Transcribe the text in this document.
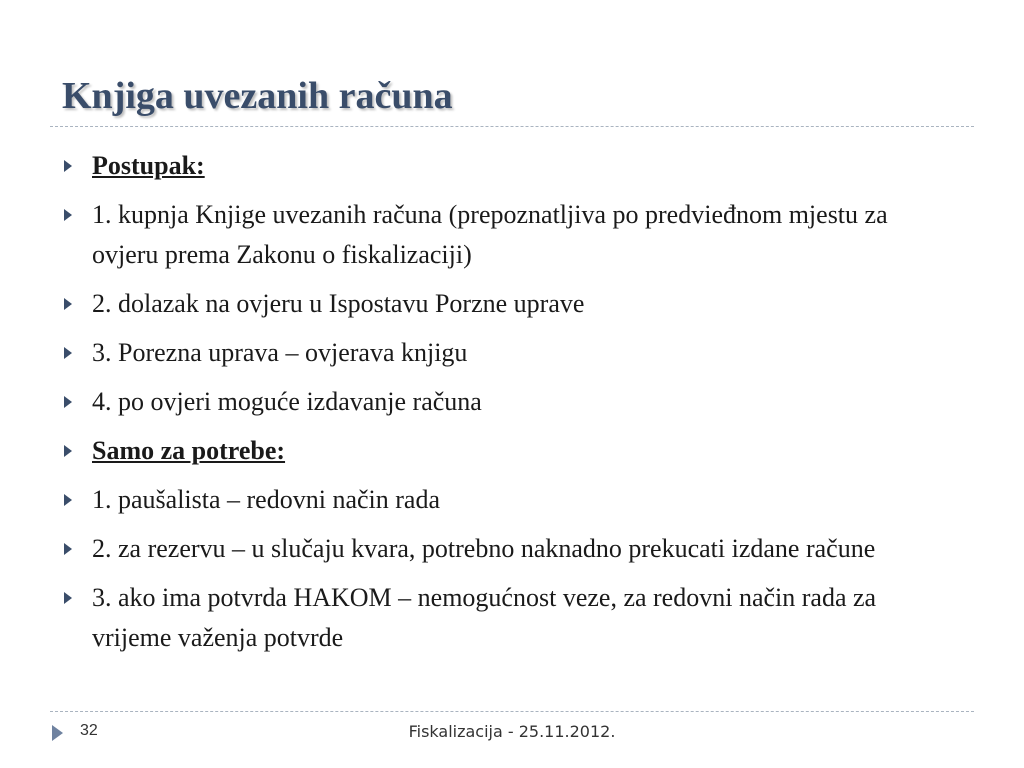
Knjiga uvezanih računa
Postupak:
1. kupnja Knjige uvezanih računa (prepoznatljiva po predvieđnom mjestu za ovjeru prema Zakonu o fiskalizaciji)
2. dolazak na ovjeru u Ispostavu Porzne uprave
3. Porezna uprava – ovjerava knjigu
4. po ovjeri moguće izdavanje računa
Samo za potrebe:
1. paušalista – redovni način rada
2. za rezervu – u slučaju kvara, potrebno naknadno prekucati izdane račune
3. ako ima potvrda HAKOM – nemogućnost veze, za redovni način rada za vrijeme važenja potvrde
32	Fiskalizacija - 25.11.2012.
